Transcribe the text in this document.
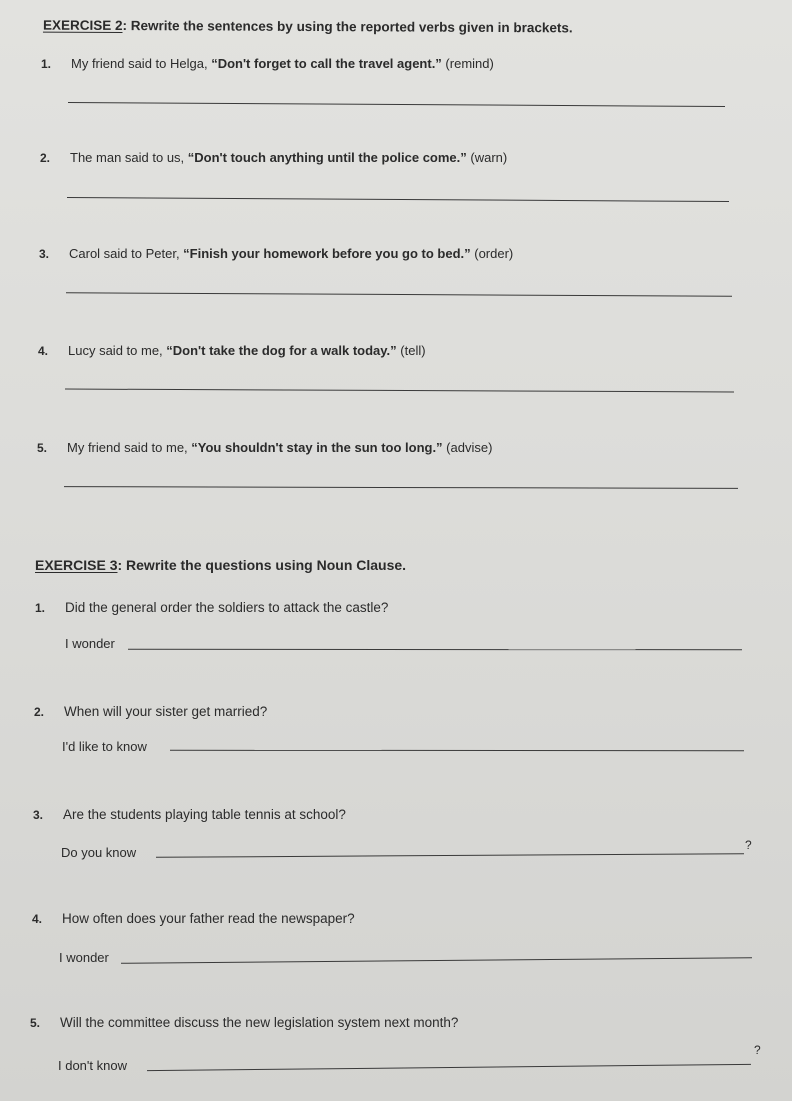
EXERCISE 2: Rewrite the sentences by using the reported verbs given in brackets.
1. My friend said to Helga, “Don't forget to call the travel agent.” (remind)
2. The man said to us, “Don't touch anything until the police come.” (warn)
3. Carol said to Peter, “Finish your homework before you go to bed.” (order)
4. Lucy said to me, “Don't take the dog for a walk today.” (tell)
5. My friend said to me, “You shouldn't stay in the sun too long.” (advise)
EXERCISE 3: Rewrite the questions using Noun Clause.
1. Did the general order the soldiers to attack the castle?
I wonder
2. When will your sister get married?
I'd like to know
3. Are the students playing table tennis at school?
Do you know	?
4. How often does your father read the newspaper?
I wonder
5. Will the committee discuss the new legislation system next month?
I don't know
?
